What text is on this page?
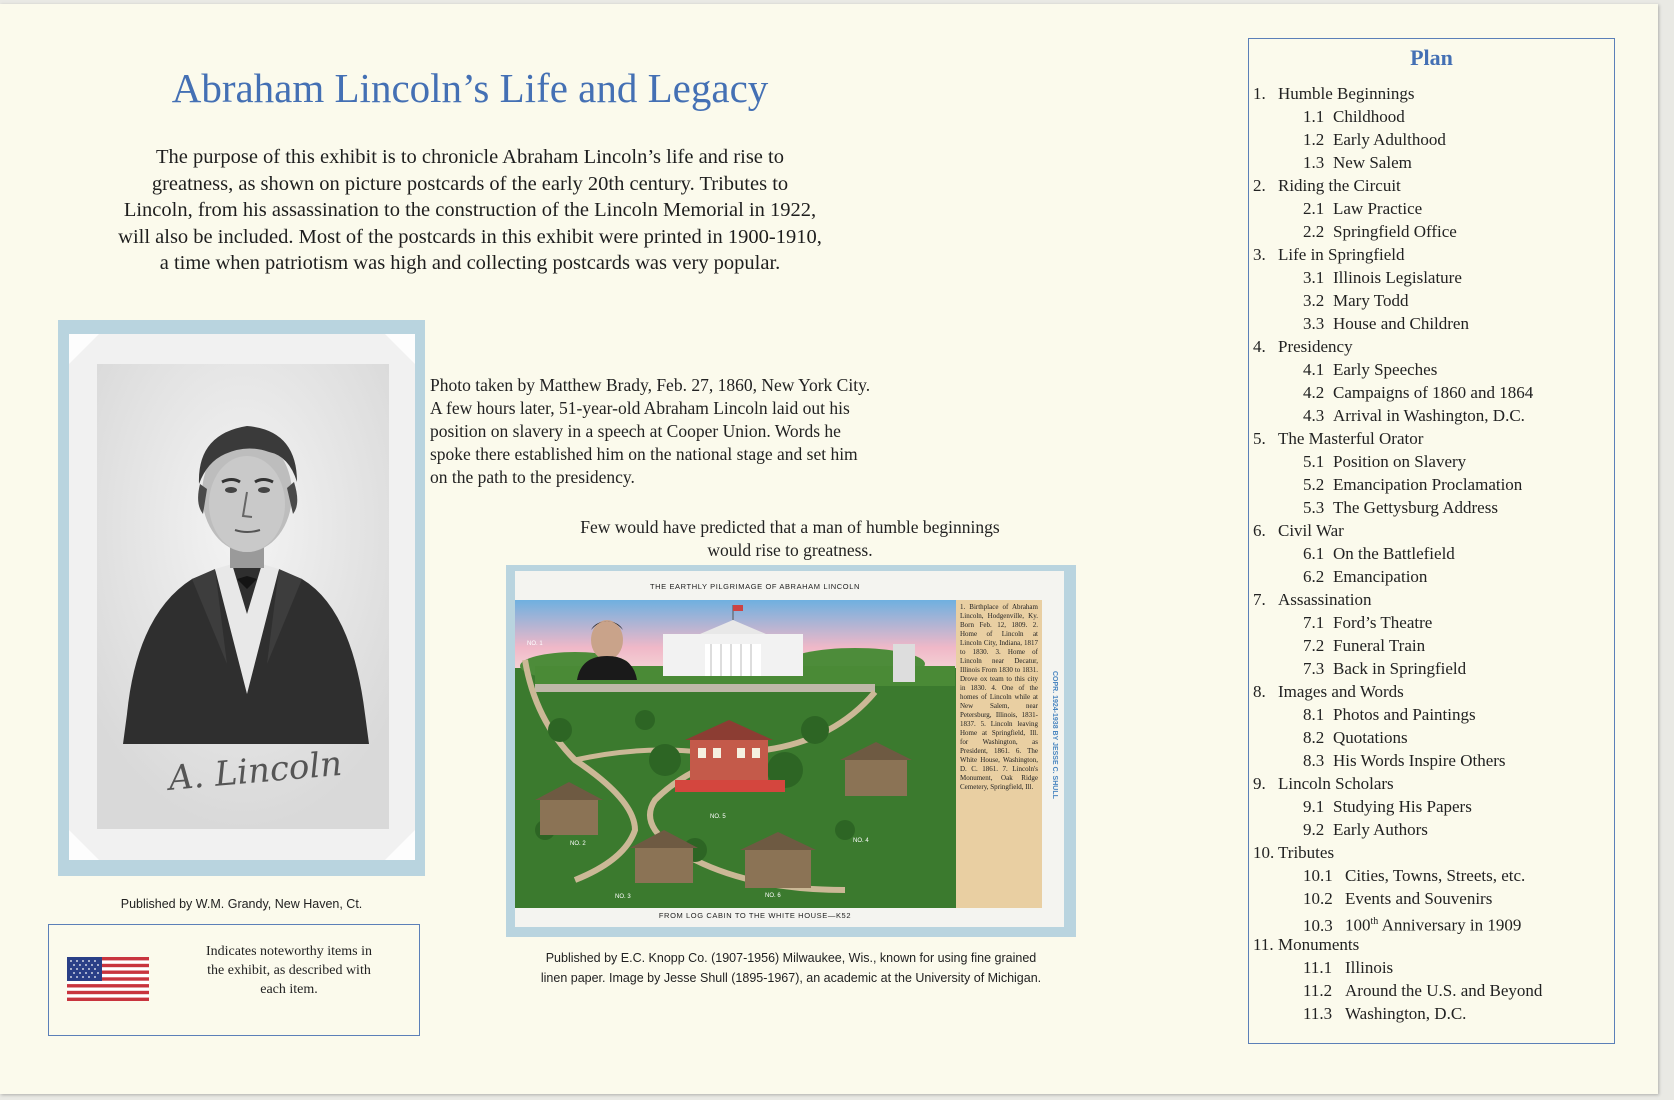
Abraham Lincoln’s Life and Legacy

The purpose of this exhibit is to chronicle Abraham Lincoln’s life and rise to
greatness, as shown on picture postcards of the early 20th century. Tributes to
Lincoln, from his assassination to the construction of the Lincoln Memorial in 1922,
will also be included. Most of the postcards in this exhibit were printed in 1900-1910,
a time when patriotism was high and collecting postcards was very popular.

A. Lincoln

Published by W.M. Grandy, New Haven, Ct.

Photo taken by Matthew Brady, Feb. 27, 1860, New York City.
A few hours later, 51-year-old Abraham Lincoln laid out his
position on slavery in a speech at Cooper Union. Words he
spoke there established him on the national stage and set him
on the path to the presidency.

Few would have predicted that a man of humble beginnings
would rise to greatness.

THE EARTHLY PILGRIMAGE OF ABRAHAM LINCOLN
NO. 1
NO. 2
NO. 3
NO. 5
NO. 6
NO. 4
1. Birthplace of Abraham Lincoln, Hodgenville, Ky. Born Feb. 12, 1809. 2. Home of Lincoln at Lincoln City, Indiana, 1817 to 1830. 3. Home of Lincoln near Decatur, Illinois From 1830 to 1831. Drove ox team to this city in 1830. 4. One of the homes of Lincoln while at New Salem, near Petersburg, Illinois, 1831-1837. 5. Lincoln leaving Home at Springfield, Ill. for Washington, as President, 1861. 6. The White House, Washington, D. C. 1861. 7. Lincoln's Monument, Oak Ridge Cemetery, Springfield, Ill.	COPR. 1924-1938 BY JESSE C. SHULL
FROM LOG CABIN TO THE WHITE HOUSE—K52

Published by E.C. Knopp Co. (1907-1956) Milwaukee, Wis., known for using fine grained
linen paper. Image by Jesse Shull (1895-1967), an academic at the University of Michigan.

Indicates noteworthy items in
the exhibit, as described with
each item.

Plan
1. Humble Beginnings
1.1 Childhood
1.2 Early Adulthood
1.3 New Salem
2. Riding the Circuit
2.1 Law Practice
2.2 Springfield Office
3. Life in Springfield
3.1 Illinois Legislature
3.2 Mary Todd
3.3 House and Children
4. Presidency
4.1 Early Speeches
4.2 Campaigns of 1860 and 1864
4.3 Arrival in Washington, D.C.
5. The Masterful Orator
5.1 Position on Slavery
5.2 Emancipation Proclamation
5.3 The Gettysburg Address
6. Civil War
6.1 On the Battlefield
6.2 Emancipation
7. Assassination
7.1 Ford’s Theatre
7.2 Funeral Train
7.3 Back in Springfield
8. Images and Words
8.1 Photos and Paintings
8.2 Quotations
8.3 His Words Inspire Others
9. Lincoln Scholars
9.1 Studying His Papers
9.2 Early Authors
10. Tributes
10.1 Cities, Towns, Streets, etc.
10.2 Events and Souvenirs
10.3 100th Anniversary in 1909
11. Monuments
11.1 Illinois
11.2 Around the U.S. and Beyond
11.3 Washington, D.C.
